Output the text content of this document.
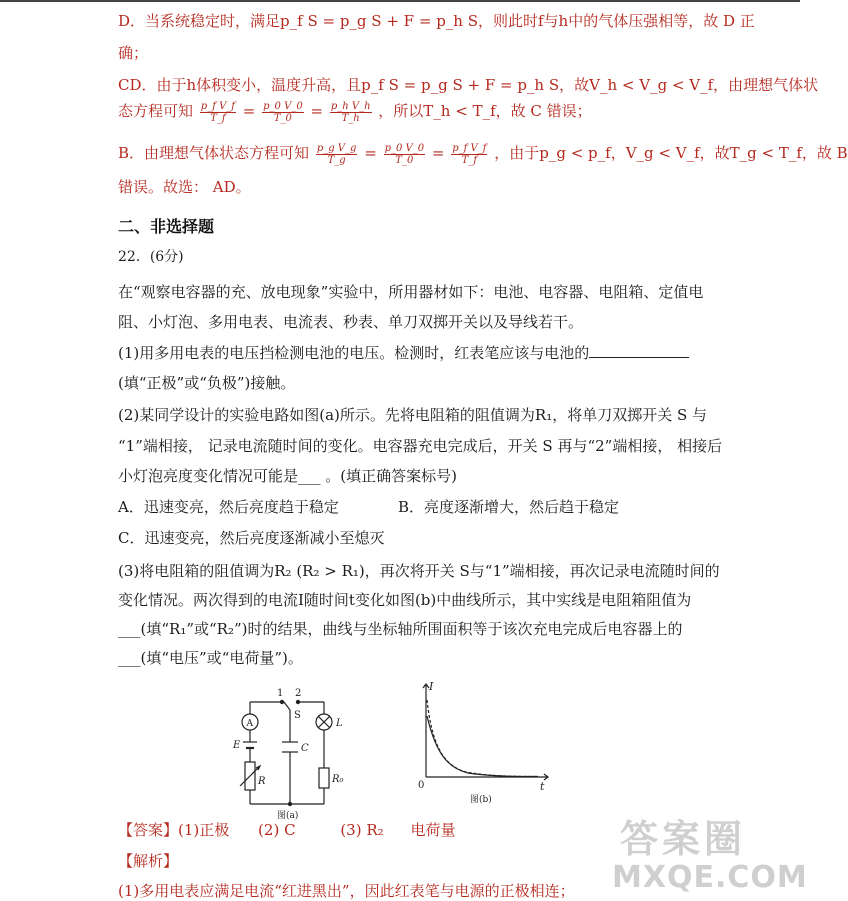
D．当系统稳定时，满足p_f S = p_g S + F = p_h S，则此时f与h中的气体压强相等，故 D 正
确；
CD．由于h体积变小，温度升高，且p_f S = p_g S + F = p_h S，故V_h < V_g < V_f，由理想气体状
态方程可知 $\frac{\text{p\_f V\_f}}{T\_f} = \frac{p\_0 V\_0}{T\_0} = \frac{\text{p\_h V\_h}}{T\_h}$ ，所以T_h < T_f，故 C 错误；
B．由理想气体状态方程可知 $\frac{\text{p\_g V\_g}}{T\_g} = \frac{p\_0 V\_0}{T\_0} = \frac{\text{p\_f V\_f}}{T\_f}$ ，由于p_g < p_f，V_g < V_f，故T_g < T_f，故 B
错误。故选： AD。
二、非选择题
22．(6分)
在“观察电容器的充、放电现象”实验中，所用器材如下：电池、电容器、电阻箱、定值电
阻、小灯泡、多用电表、电流表、秒表、单刀双掷开关以及导线若干。
(1)用多用电表的电压挡检测电池的电压。检测时，红表笔应该与电池的
(填“正极”或“负极”)接触。
(2)某同学设计的实验电路如图(a)所示。先将电阻箱的阻值调为R₁，将单刀双掷开关 S 与
“1”端相接， 记录电流随时间的变化。电容器充电完成后，开关 S 再与“2”端相接， 相接后
小灯泡亮度变化情况可能是___ 。(填正确答案标号)
A．迅速变亮，然后亮度趋于稳定	B．亮度逐渐增大，然后趋于稳定
C．迅速变亮，然后亮度逐渐减小至熄灭
(3)将电阻箱的阻值调为R₂ (R₂ > R₁)，再次将开关 S与“1”端相接，再次记录电流随时间的
变化情况。两次得到的电流I随时间t变化如图(b)中曲线所示，其中实线是电阻箱阻值为
___(填“R₁”或“R₂”)时的结果，曲线与坐标轴所围面积等于该次充电完成后电容器上的
___(填“电压”或“电荷量”)。
1 2
S
A
E	C
L
R	R₀
图(a)
I
t
0
图(b)
【答案】(1)正极 (2) C	(3) R₂ 电荷量
【解析】
(1)多用电表应满足电流“红进黑出”，因此红表笔与电源的正极相连；
答案圈
MXQE.COM
